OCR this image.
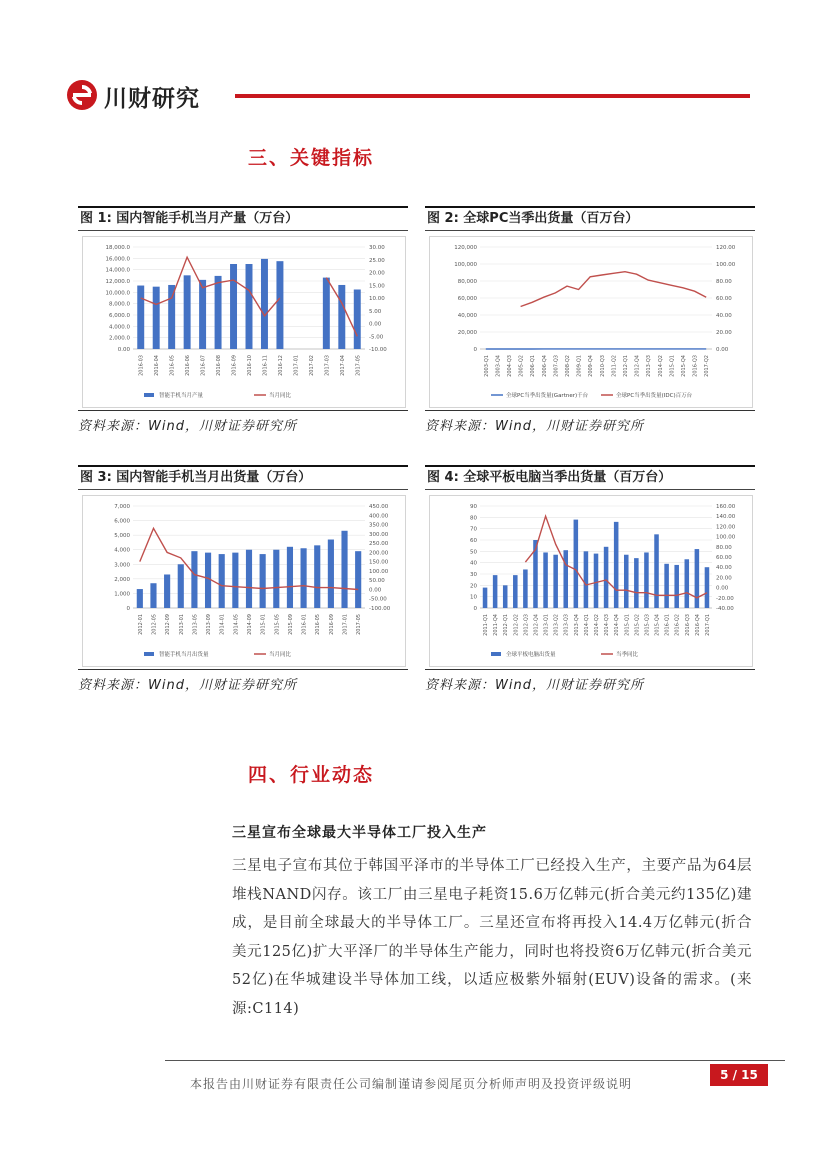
川财研究
三、关键指标
图 1: 国内智能手机当月产量（万台）
0.00
2,000.0
4,000.0
6,000.0
8,000.0
10,000.0
12,000.0
14,000.0
16,000.0
18,000.0
-10.00
-5.00
0.00
5.00
10.00
15.00
20.00
25.00
30.00
2016-03 2016-04 2016-05 2016-06 2016-07 2016-08 2016-09 2016-10 2016-11 2016-12 2017-01 2017-02 2017-03 2017-04 2017-05
智能手机当月产量	当月同比
资料来源：Wind，川财证券研究所
图 2: 全球PC当季出货量（百万台）
0
20,000
40,000
60,000
80,000
100,000
120,000
0.00
20.00
40.00
60.00
80.00
100.00
120.00
2003-Q1 2003-Q4 2004-Q3 2005-Q2 2006-Q1 2006-Q4 2007-Q3 2008-Q2 2009-Q1 2009-Q4 2010-Q3 2011-Q2 2012-Q1 2012-Q4 2013-Q3 2014-Q2 2015-Q1 2015-Q4 2016-Q3 2017-Q2
全球PC当季出货量(Gartner)千台	全球PC当季出货量(IDC)百万台
资料来源：Wind，川财证券研究所
图 3: 国内智能手机当月出货量（万台）
0
1,000
2,000
3,000
4,000
5,000
6,000
7,000
-100.00
-50.00
0.00
50.00
100.00
150.00
200.00
250.00
300.00
350.00
400.00
450.00
2012-01 2012-05 2012-09 2013-01 2013-05 2013-09 2014-01 2014-05 2014-09 2015-01 2015-05 2015-09 2016-01 2016-05 2016-09 2017-01 2017-05
智能手机当月出货量	当月同比
资料来源：Wind，川财证券研究所
图 4: 全球平板电脑当季出货量（百万台）
0
10
20
30
40
50
60
70
80
90
-40.00
-20.00
0.00
20.00
40.00
60.00
80.00
100.00
120.00
140.00
160.00
2011-Q1 2011-Q4 2012-Q1 2012-Q2 2012-Q3 2012-Q4 2013-Q1 2013-Q2 2013-Q3 2013-Q4 2014-Q1 2014-Q2 2014-Q3 2014-Q4 2015-Q1 2015-Q2 2015-Q3 2015-Q4 2016-Q1 2016-Q2 2016-Q3 2016-Q4 2017-Q1
全球平板电脑出货量	当季同比
资料来源：Wind，川财证券研究所
四、行业动态
三星宣布全球最大半导体工厂投入生产
三星电子宣布其位于韩国平泽市的半导体工厂已经投入生产，主要产品为64层堆栈NAND闪存。该工厂由三星电子耗资15.6万亿韩元(折合美元约135亿)建成，是目前全球最大的半导体工厂。三星还宣布将再投入14.4万亿韩元(折合美元125亿)扩大平泽厂的半导体生产能力，同时也将投资6万亿韩元(折合美元52亿)在华城建设半导体加工线，以适应极紫外辐射(EUV)设备的需求。(来源:C114)
本报告由川财证券有限责任公司编制谨请参阅尾页分析师声明及投资评级说明
5 / 15
